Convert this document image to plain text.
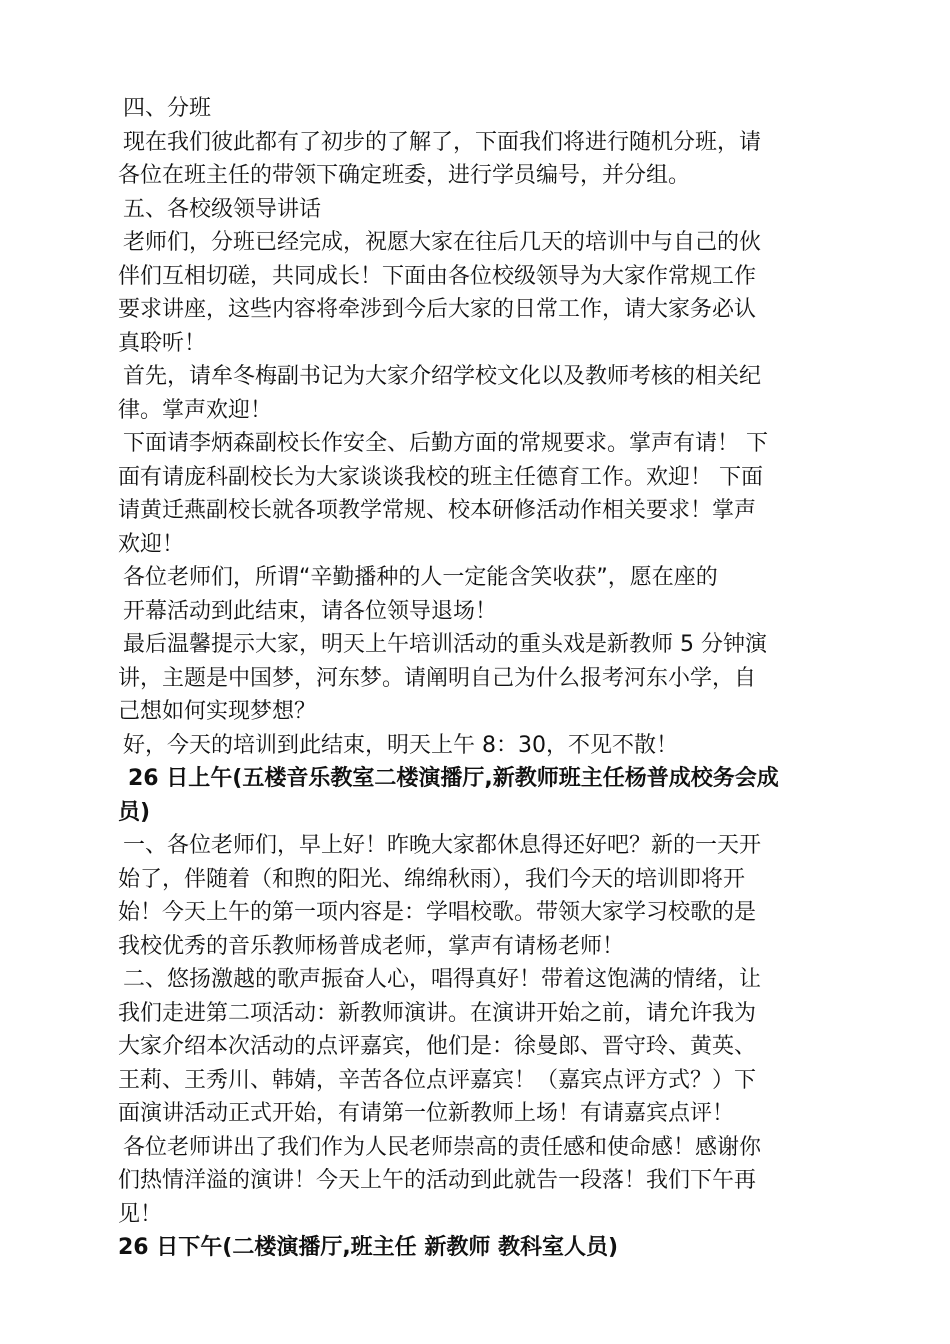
四、分班
现在我们彼此都有了初步的了解了，下面我们将进行随机分班，请
各位在班主任的带领下确定班委，进行学员编号，并分组。
五、各校级领导讲话
老师们，分班已经完成，祝愿大家在往后几天的培训中与自己的伙
伴们互相切磋，共同成长！下面由各位校级领导为大家作常规工作
要求讲座，这些内容将牵涉到今后大家的日常工作，请大家务必认
真聆听！
首先，请牟冬梅副书记为大家介绍学校文化以及教师考核的相关纪
律。掌声欢迎！
下面请李炳森副校长作安全、后勤方面的常规要求。掌声有请！ 下
面有请庞科副校长为大家谈谈我校的班主任德育工作。欢迎！ 下面
请黄迁燕副校长就各项教学常规、校本研修活动作相关要求！掌声
欢迎！
各位老师们，所谓“辛勤播种的人一定能含笑收获”，愿在座的
开幕活动到此结束，请各位领导退场！
最后温馨提示大家，明天上午培训活动的重头戏是新教师 5 分钟演
讲，主题是中国梦，河东梦。请阐明自己为什么报考河东小学，自
己想如何实现梦想？
好，今天的培训到此结束，明天上午 8：30，不见不散！
26 日上午(五楼音乐教室二楼演播厅,新教师班主任杨普成校务会成
员)
一、各位老师们，早上好！昨晚大家都休息得还好吧？新的一天开
始了，伴随着（和煦的阳光、绵绵秋雨），我们今天的培训即将开
始！今天上午的第一项内容是：学唱校歌。带领大家学习校歌的是
我校优秀的音乐教师杨普成老师，掌声有请杨老师！
二、悠扬激越的歌声振奋人心，唱得真好！带着这饱满的情绪，让
我们走进第二项活动：新教师演讲。在演讲开始之前，请允许我为
大家介绍本次活动的点评嘉宾，他们是：徐曼郎、晋守玲、黄英、
王莉、王秀川、韩婧，辛苦各位点评嘉宾！（嘉宾点评方式？）下
面演讲活动正式开始，有请第一位新教师上场！有请嘉宾点评！
各位老师讲出了我们作为人民老师崇高的责任感和使命感！感谢你
们热情洋溢的演讲！今天上午的活动到此就告一段落！我们下午再
见！
26 日下午(二楼演播厅,班主任 新教师 教科室人员)
